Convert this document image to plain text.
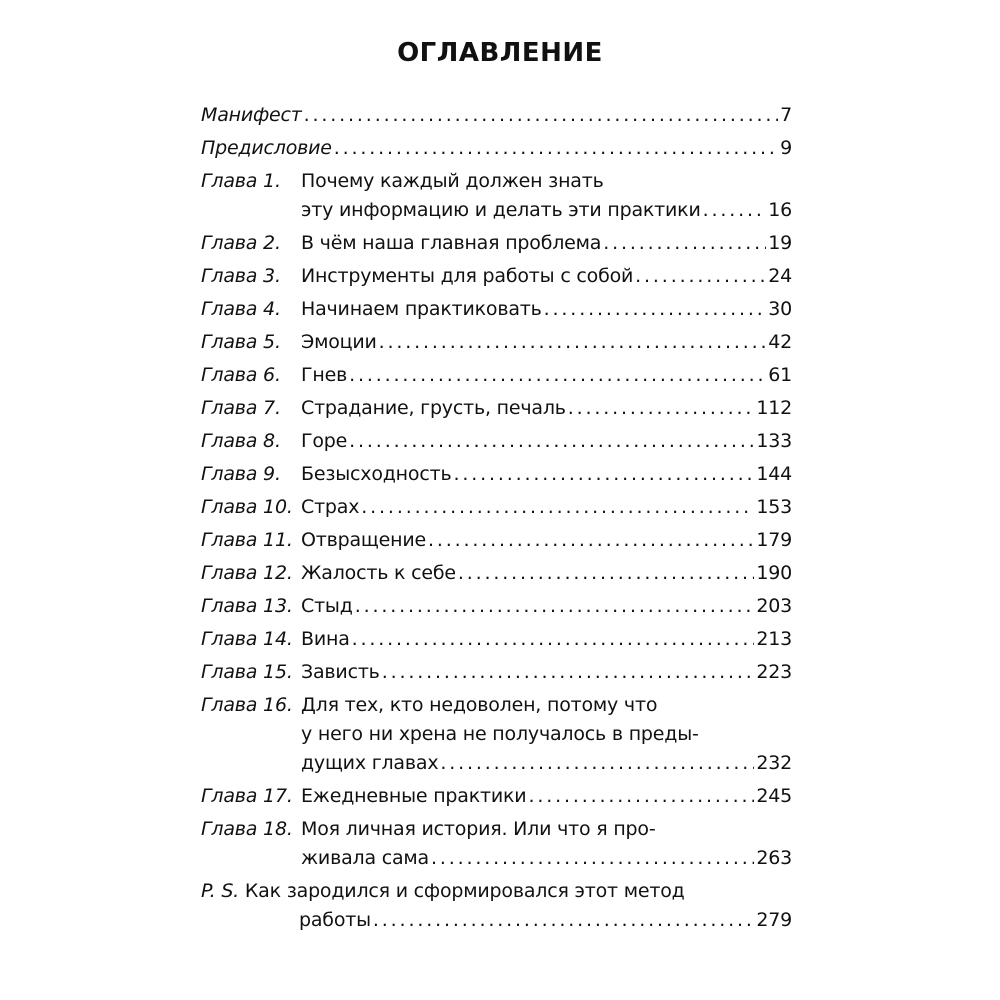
ОГЛАВЛЕНИЕ
Манифест . . .	7
Предисловие . . .	9
Глава 1.	Почему каждый должен знать
эту информацию и делать эти практики . . .	16
Глава 2.	В чём наша главная проблема . . .	19
Глава 3.	Инструменты для работы с собой . . .	24
Глава 4.	Начинаем практиковать . . .	30
Глава 5.	Эмоции . . .	42
Глава 6.	Гнев . . .	61
Глава 7.	Страдание, грусть, печаль . . .	112
Глава 8.	Горе . . .	133
Глава 9.	Безысходность . . .	144
Глава 10. Страх . . .	153
Глава 11. Отвращение . . .	179
Глава 12. Жалость к себе . . .	190
Глава 13. Стыд . . .	203
Глава 14. Вина . . .	213
Глава 15. Зависть . . .	223
Глава 16. Для тех, кто недоволен, потому что
у него ни хрена не получалось в преды-
дущих главах . . .	232
Глава 17. Ежедневные практики . . .	245
Глава 18. Моя личная история. Или что я про-
живала сама . . .	263
P. S. Как зародился и сформировался этот метод
работы . . .	279
